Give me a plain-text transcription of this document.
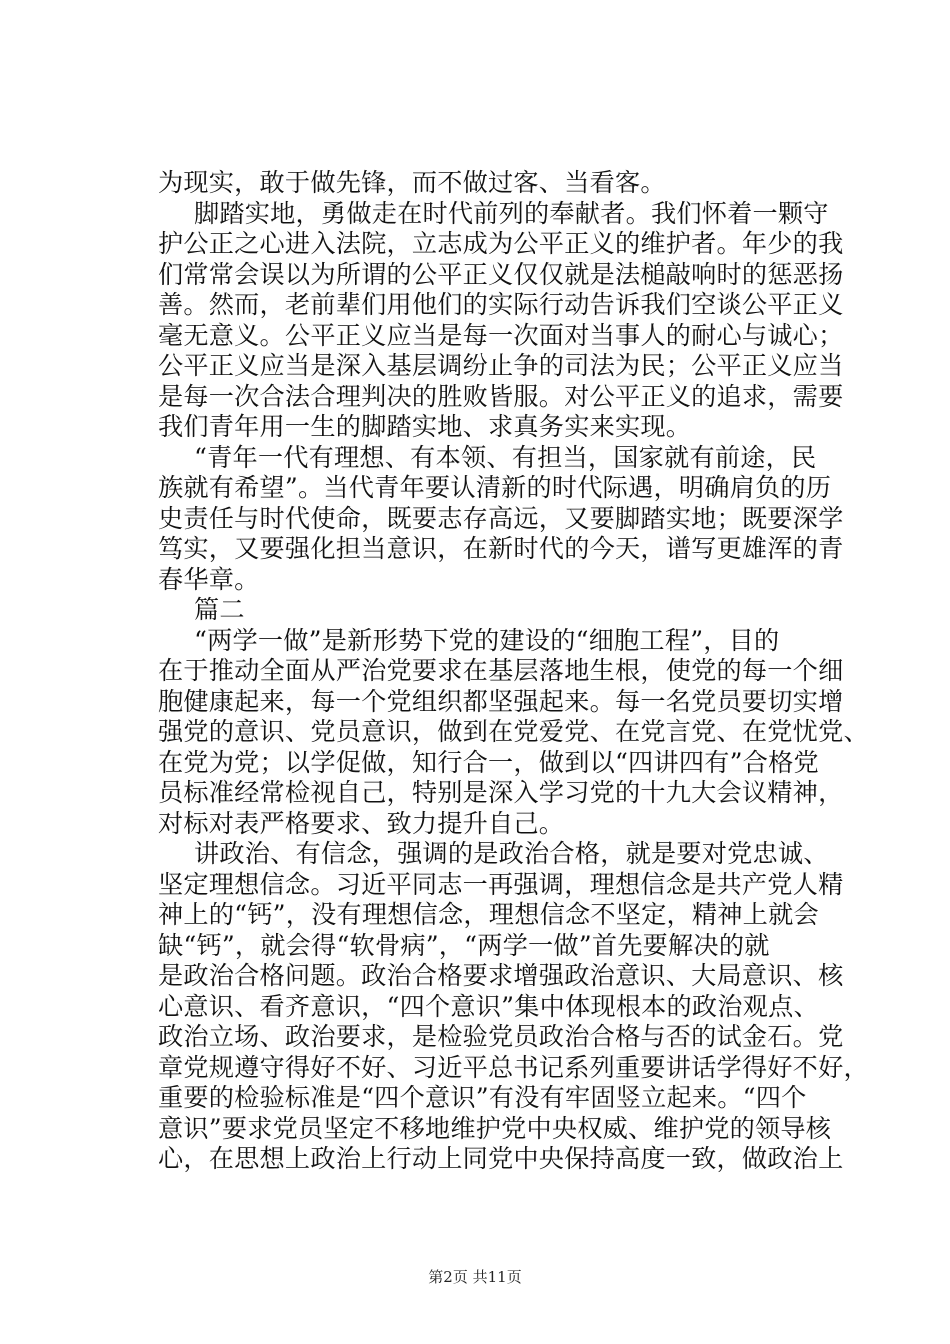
为现实，敢于做先锋，而不做过客、当看客。
脚踏实地，勇做走在时代前列的奉献者。我们怀着一颗守
护公正之心进入法院，立志成为公平正义的维护者。年少的我
们常常会误以为所谓的公平正义仅仅就是法槌敲响时的惩恶扬
善。然而，老前辈们用他们的实际行动告诉我们空谈公平正义
毫无意义。公平正义应当是每一次面对当事人的耐心与诚心；
公平正义应当是深入基层调纷止争的司法为民；公平正义应当
是每一次合法合理判决的胜败皆服。对公平正义的追求，需要
我们青年用一生的脚踏实地、求真务实来实现。
“青年一代有理想、有本领、有担当，国家就有前途，民
族就有希望”。当代青年要认清新的时代际遇，明确肩负的历
史责任与时代使命，既要志存高远，又要脚踏实地；既要深学
笃实，又要强化担当意识，在新时代的今天，谱写更雄浑的青
春华章。
篇二
“两学一做”是新形势下党的建设的“细胞工程”，目的
在于推动全面从严治党要求在基层落地生根，使党的每一个细
胞健康起来，每一个党组织都坚强起来。每一名党员要切实增
强党的意识、党员意识，做到在党爱党、在党言党、在党忧党、
在党为党；以学促做，知行合一，做到以“四讲四有”合格党
员标准经常检视自己，特别是深入学习党的十九大会议精神，
对标对表严格要求、致力提升自己。
讲政治、有信念，强调的是政治合格，就是要对党忠诚、
坚定理想信念。习近平同志一再强调，理想信念是共产党人精
神上的“钙”，没有理想信念，理想信念不坚定，精神上就会
缺“钙”，就会得“软骨病”，“两学一做”首先要解决的就
是政治合格问题。政治合格要求增强政治意识、大局意识、核
心意识、看齐意识，“四个意识”集中体现根本的政治观点、
政治立场、政治要求，是检验党员政治合格与否的试金石。党
章党规遵守得好不好、习近平总书记系列重要讲话学得好不好，
重要的检验标准是“四个意识”有没有牢固竖立起来。“四个
意识”要求党员坚定不移地维护党中央权威、维护党的领导核
心，在思想上政治上行动上同党中央保持高度一致，做政治上
第2页 共11页
